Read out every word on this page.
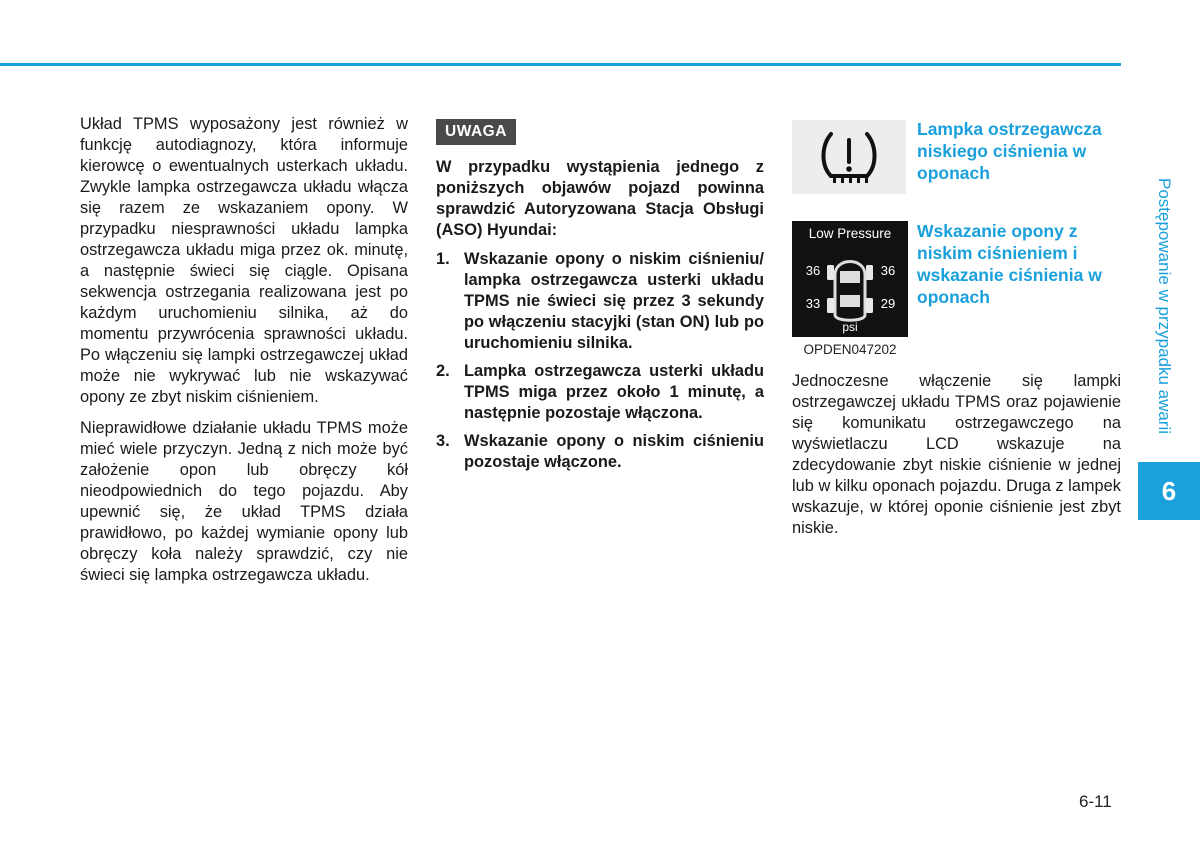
Układ TPMS wyposażony jest również w funkcję autodiagnozy, która informuje kierowcę o ewentualnych usterkach układu. Zwykle lampka ostrzegawcza układu włącza się razem ze wskazaniem opony. W przypadku niesprawności układu lampka ostrzegawcza układu miga przez ok. minutę, a następnie świeci się ciągle. Opisana sekwencja ostrzegania realizowana jest po każdym uruchomieniu silnika, aż do momentu przywrócenia sprawności układu. Po włączeniu się lampki ostrzegawczej układ może nie wykrywać lub nie wskazywać opony ze zbyt niskim ciśnieniem.

Nieprawidłowe działanie układu TPMS może mieć wiele przyczyn. Jedną z nich może być założenie opon lub obręczy kół nieodpowiednich do tego pojazdu. Aby upewnić się, że układ TPMS działa prawidłowo, po każdej wymianie opony lub obręczy koła należy sprawdzić, czy nie świeci się lampka ostrzegawcza układu.

UWAGA

W przypadku wystąpienia jednego z poniższych objawów pojazd powinna sprawdzić Autoryzowana Stacja Obsługi (ASO) Hyundai:

1. Wskazanie opony o niskim ciśnieniu/ lampka ostrzegawcza usterki układu TPMS nie świeci się przez 3 sekundy po włączeniu stacyjki (stan ON) lub po uruchomieniu silnika.
2. Lampka ostrzegawcza usterki układu TPMS miga przez około 1 minutę, a następnie pozostaje włączona.
3. Wskazanie opony o niskim ciśnieniu pozostaje włączone.
Lampka ostrzegawcza niskiego ciśnienia w oponach
Low Pressure
36	36
33	29
psi
OPDEN047202
Wskazanie opony z niskim ciśnieniem i wskazanie ciśnienia w oponach

Jednoczesne włączenie się lampki ostrzegawczej układu TPMS oraz pojawienie się komunikatu ostrzegawczego na wyświetlaczu LCD wskazuje na zdecydowanie zbyt niskie ciśnienie w jednej lub w kilku oponach pojazdu. Druga z lampek wskazuje, w której oponie ciśnienie jest zbyt niskie.

Postępowanie w przypadku awarii
6
6-11
